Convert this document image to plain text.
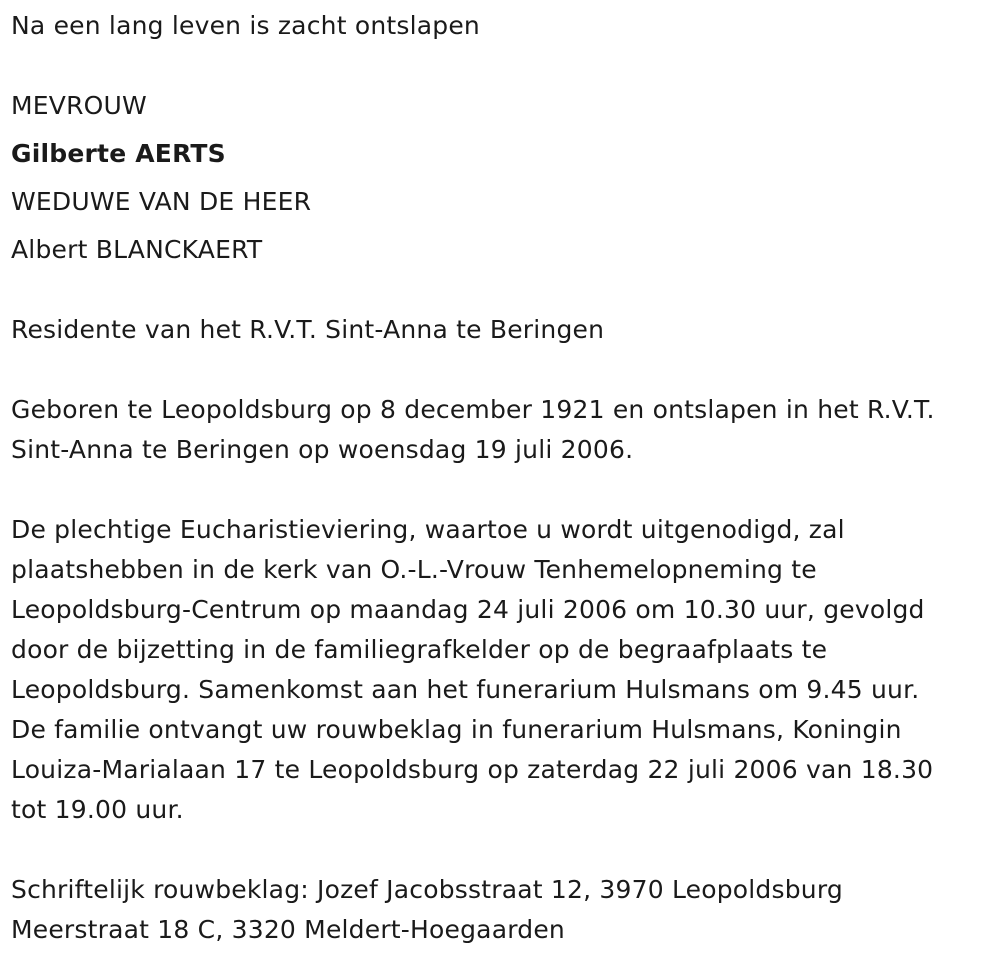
Na een lang leven is zacht ontslapen
MEVROUW
Gilberte AERTS
WEDUWE VAN DE HEER
Albert BLANCKAERT
Residente van het R.V.T. Sint-Anna te Beringen
Geboren te Leopoldsburg op 8 december 1921 en ontslapen in het R.V.T.
Sint-Anna te Beringen op woensdag 19 juli 2006.
De plechtige Eucharistieviering, waartoe u wordt uitgenodigd, zal
plaatshebben in de kerk van O.-L.-Vrouw Tenhemelopneming te
Leopoldsburg-Centrum op maandag 24 juli 2006 om 10.30 uur, gevolgd
door de bijzetting in de familiegrafkelder op de begraafplaats te
Leopoldsburg. Samenkomst aan het funerarium Hulsmans om 9.45 uur.
De familie ontvangt uw rouwbeklag in funerarium Hulsmans, Koningin
Louiza-Marialaan 17 te Leopoldsburg op zaterdag 22 juli 2006 van 18.30
tot 19.00 uur.
Schriftelijk rouwbeklag: Jozef Jacobsstraat 12, 3970 Leopoldsburg
Meerstraat 18 C, 3320 Meldert-Hoegaarden
